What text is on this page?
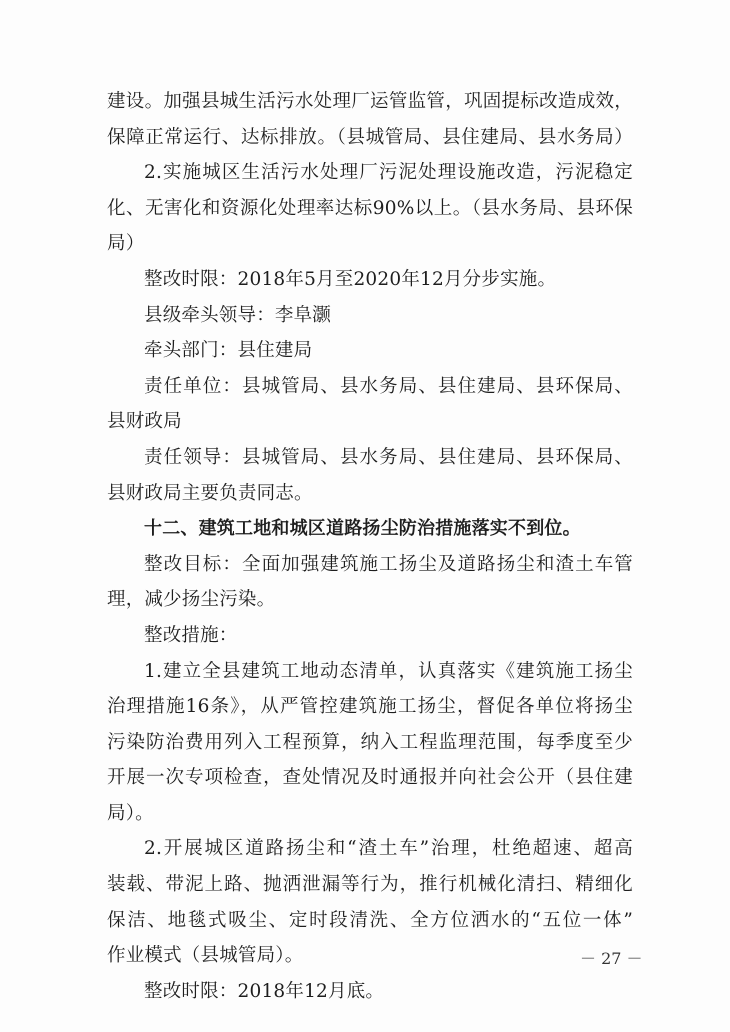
建设。加强县城生活污水处理厂运管监管，巩固提标改造成效，
保障正常运行、达标排放。（县城管局、县住建局、县水务局）
2.实施城区生活污水处理厂污泥处理设施改造，污泥稳定
化、无害化和资源化处理率达标90%以上。（县水务局、县环保
局）
整改时限：2018年5月至2020年12月分步实施。
县级牵头领导：李阜灏
牵头部门：县住建局
责任单位：县城管局、县水务局、县住建局、县环保局、
县财政局
责任领导：县城管局、县水务局、县住建局、县环保局、
县财政局主要负责同志。
十二、建筑工地和城区道路扬尘防治措施落实不到位。
整改目标：全面加强建筑施工扬尘及道路扬尘和渣土车管
理，减少扬尘污染。
整改措施：
1.建立全县建筑工地动态清单，认真落实《建筑施工扬尘
治理措施16条》，从严管控建筑施工扬尘，督促各单位将扬尘
污染防治费用列入工程预算，纳入工程监理范围，每季度至少
开展一次专项检查，查处情况及时通报并向社会公开（县住建
局）。
2.开展城区道路扬尘和“渣土车”治理，杜绝超速、超高
装载、带泥上路、抛洒泄漏等行为，推行机械化清扫、精细化
保洁、地毯式吸尘、定时段清洗、全方位洒水的“五位一体”
作业模式（县城管局）。
整改时限：2018年12月底。
－ 27 －
